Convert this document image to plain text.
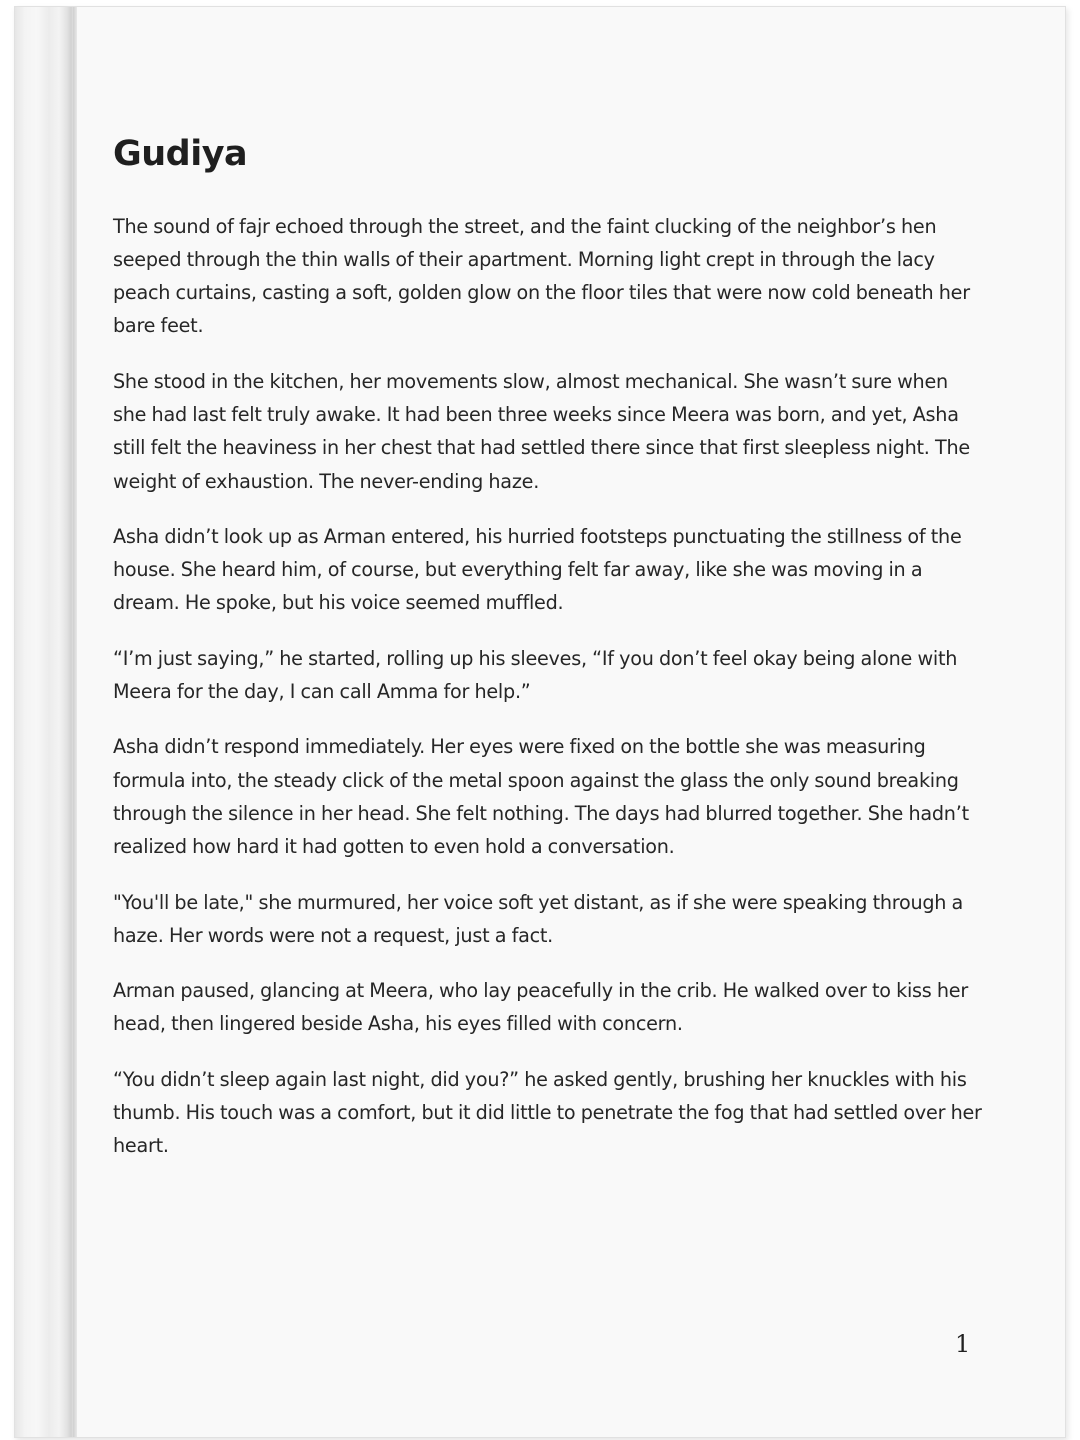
Gudiya

The sound of fajr echoed through the street, and the faint clucking of the neighbor’s hen seeped through the thin walls of their apartment. Morning light crept in through the lacy peach curtains, casting a soft, golden glow on the floor tiles that were now cold beneath her bare feet.

She stood in the kitchen, her movements slow, almost mechanical. She wasn’t sure when she had last felt truly awake. It had been three weeks since Meera was born, and yet, Asha still felt the heaviness in her chest that had settled there since that first sleepless night. The weight of exhaustion. The never-ending haze.

Asha didn’t look up as Arman entered, his hurried footsteps punctuating the stillness of the house. She heard him, of course, but everything felt far away, like she was moving in a dream. He spoke, but his voice seemed muffled.

“I’m just saying,” he started, rolling up his sleeves, “If you don’t feel okay being alone with Meera for the day, I can call Amma for help.”

Asha didn’t respond immediately. Her eyes were fixed on the bottle she was measuring formula into, the steady click of the metal spoon against the glass the only sound breaking through the silence in her head. She felt nothing. The days had blurred together. She hadn’t realized how hard it had gotten to even hold a conversation.

"You'll be late," she murmured, her voice soft yet distant, as if she were speaking through a haze. Her words were not a request, just a fact.

Arman paused, glancing at Meera, who lay peacefully in the crib. He walked over to kiss her head, then lingered beside Asha, his eyes filled with concern.

“You didn’t sleep again last night, did you?” he asked gently, brushing her knuckles with his thumb. His touch was a comfort, but it did little to penetrate the fog that had settled over her heart.

1
